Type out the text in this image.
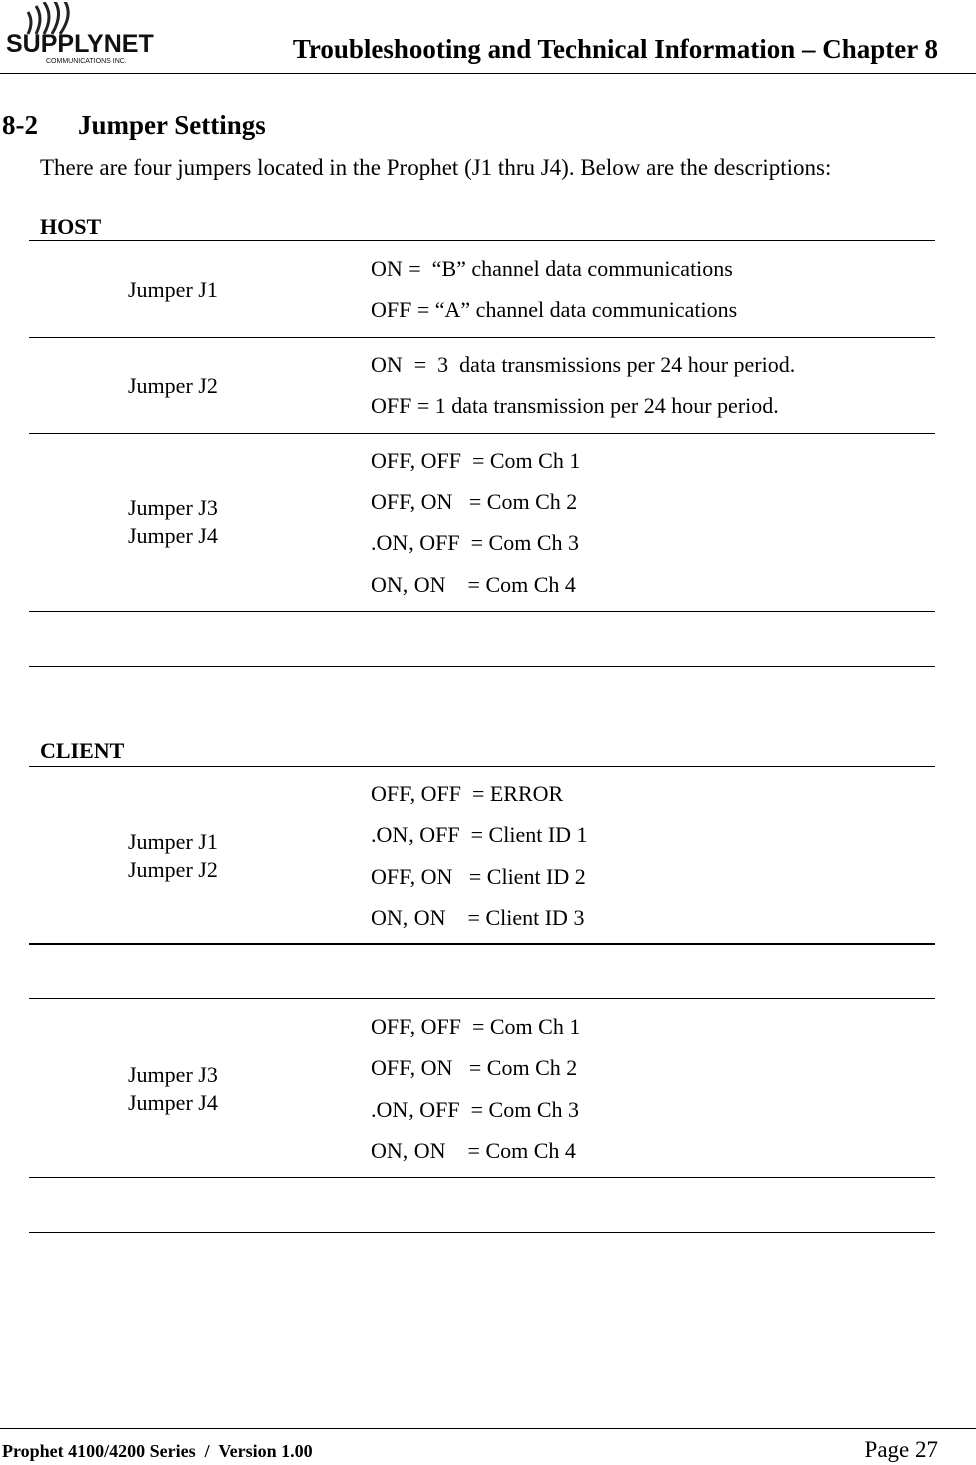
SUPPLYNET
COMMUNICATIONS INC.	Troubleshooting and Technical Information – Chapter 8
8-2 Jumper Settings
There are four jumpers located in the Prophet (J1 thru J4). Below are the descriptions:
HOST
Jumper J1
ON =  “B” channel data communications
OFF = “A” channel data communications
Jumper J2
ON  =  3  data transmissions per 24 hour period.
OFF = 1 data transmission per 24 hour period.
Jumper J3
Jumper J4
OFF, OFF  = Com Ch 1
OFF, ON   = Com Ch 2
.ON, OFF  = Com Ch 3
ON, ON    = Com Ch 4
CLIENT
Jumper J1
Jumper J2
OFF, OFF  = ERROR
.ON, OFF  = Client ID 1
OFF, ON   = Client ID 2
ON, ON    = Client ID 3
Jumper J3
Jumper J4
OFF, OFF  = Com Ch 1
OFF, ON   = Com Ch 2
.ON, OFF  = Com Ch 3
ON, ON    = Com Ch 4
Prophet 4100/4200 Series  /  Version 1.00	Page 27
